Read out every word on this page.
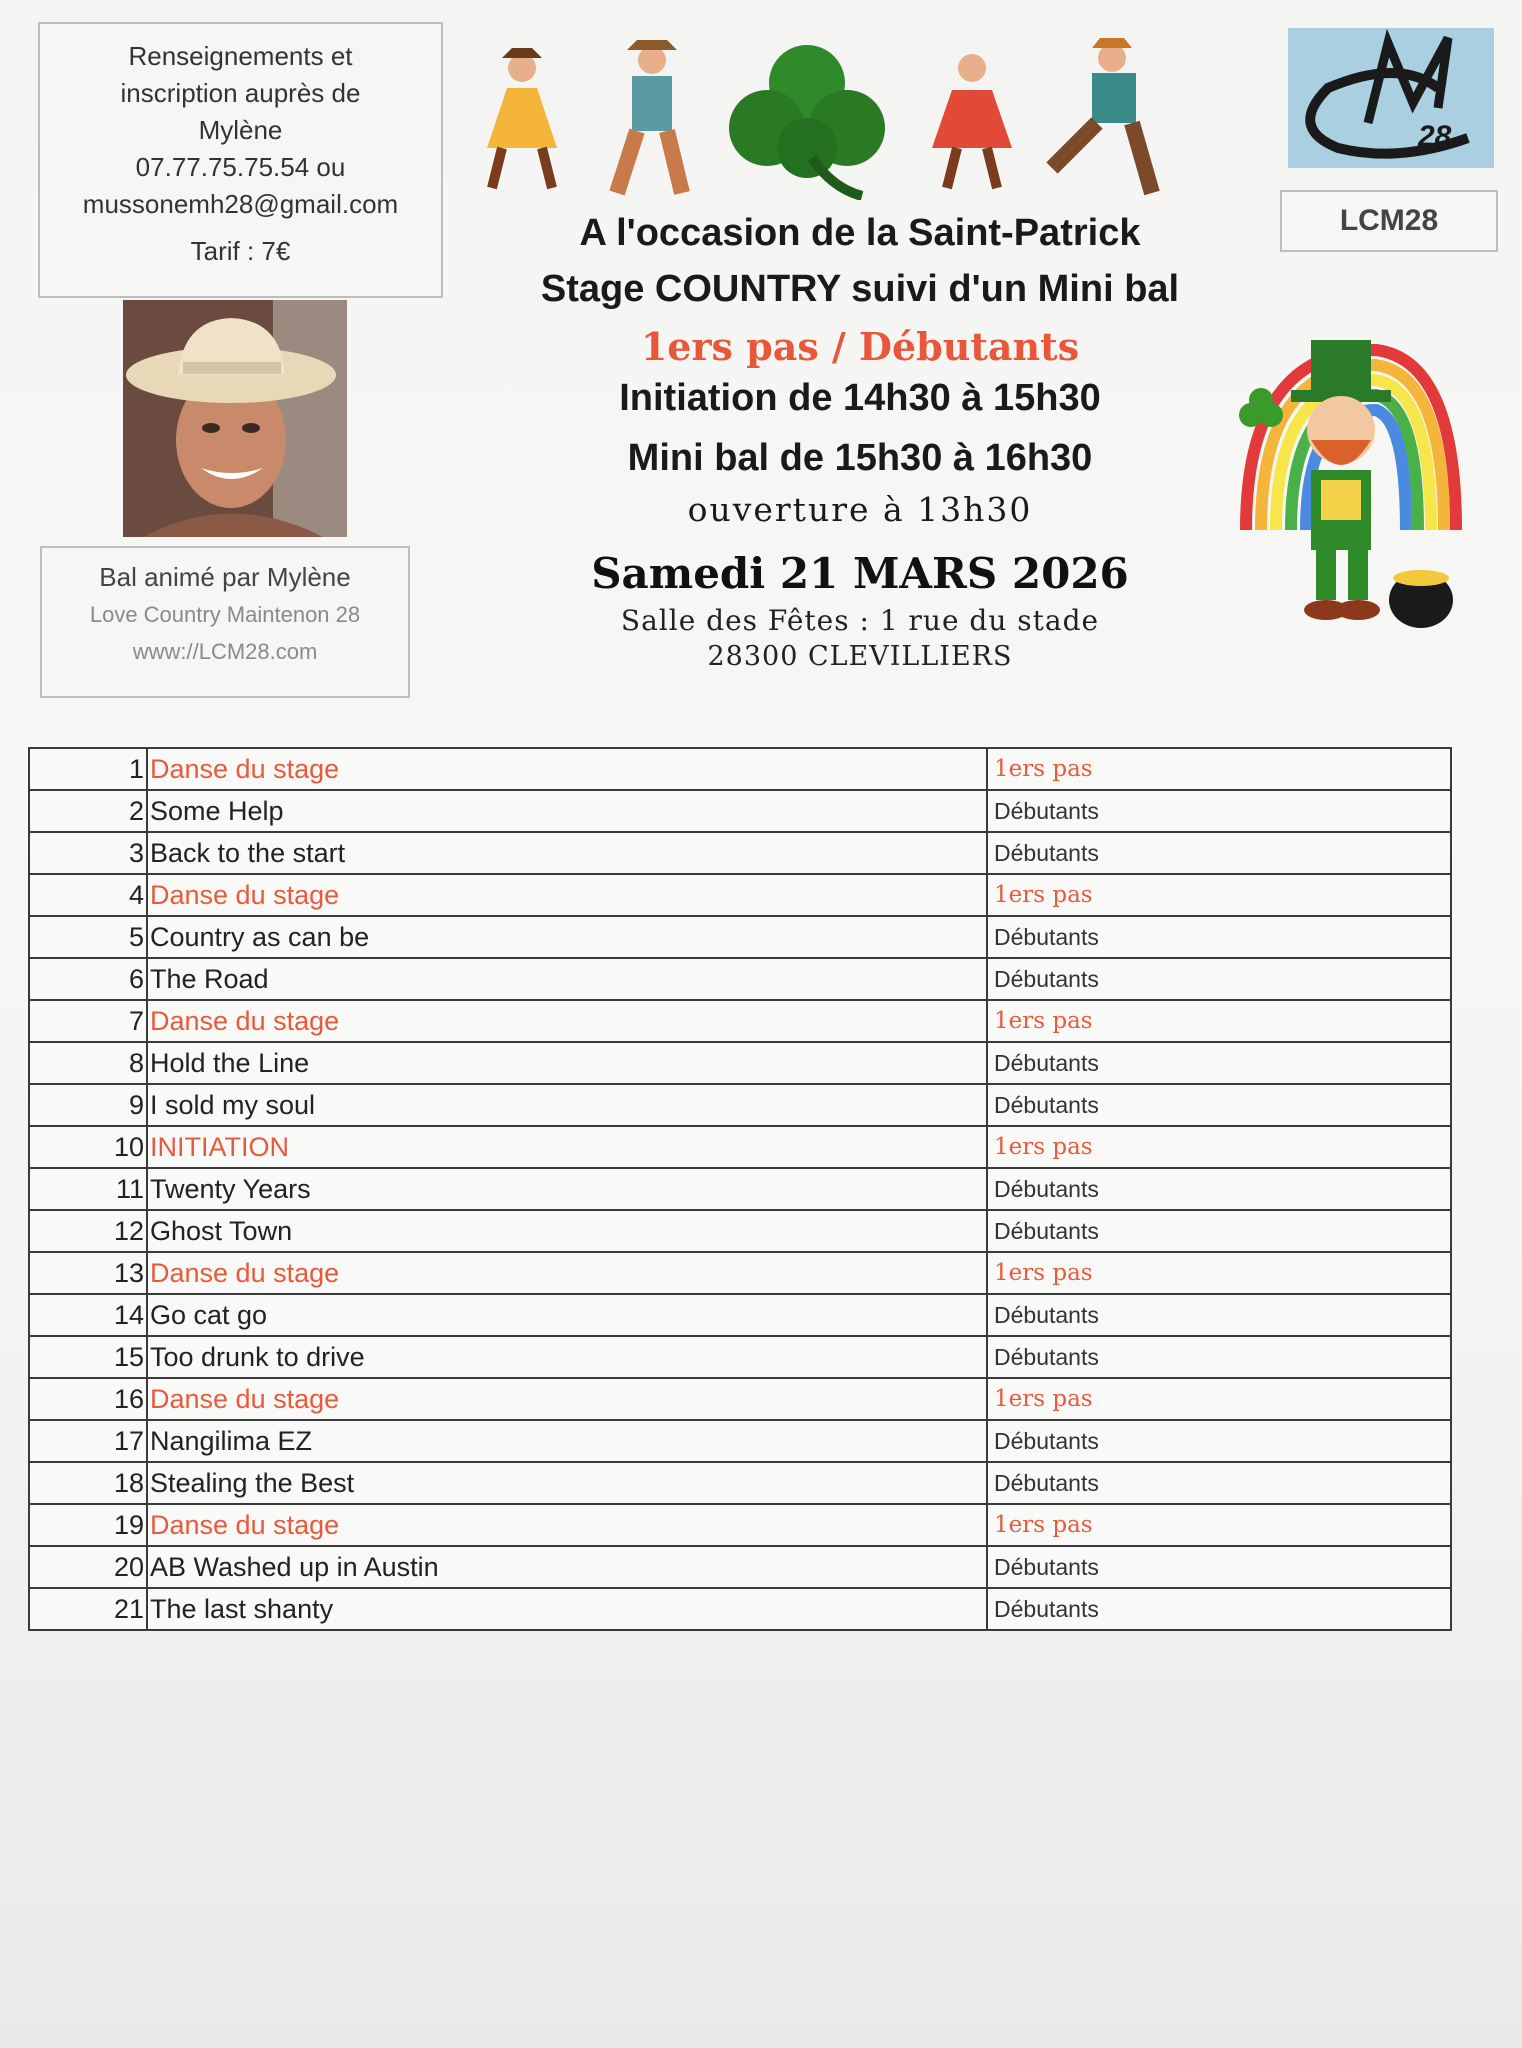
Renseignements et
inscription auprès de
Mylène
07.77.75.75.54 ou
mussonemh28@gmail.com
Tarif : 7€
Bal animé par Mylène
Love Country Maintenon 28
www://LCM28.com
28
LCM28
A l'occasion de la Saint-Patrick
Stage COUNTRY suivi d'un Mini bal
1ers pas / Débutants
Initiation de 14h30 à 15h30
Mini bal de 15h30 à 16h30
ouverture à 13h30
Samedi 21 MARS 2026
Salle des Fêtes : 1 rue du stade
28300 CLEVILLIERS
1	Danse du stage	1ers pas
2	Some Help	Débutants
3	Back to the start	Débutants
4	Danse du stage	1ers pas
5	Country as can be	Débutants
6	The Road	Débutants
7	Danse du stage	1ers pas
8	Hold the Line	Débutants
9	I sold my soul	Débutants
10	INITIATION	1ers pas
11	Twenty Years	Débutants
12	Ghost Town	Débutants
13	Danse du stage	1ers pas
14	Go cat go	Débutants
15	Too drunk to drive	Débutants
16	Danse du stage	1ers pas
17	Nangilima EZ	Débutants
18	Stealing the Best	Débutants
19	Danse du stage	1ers pas
20	AB Washed up in Austin	Débutants
21	The last shanty	Débutants
